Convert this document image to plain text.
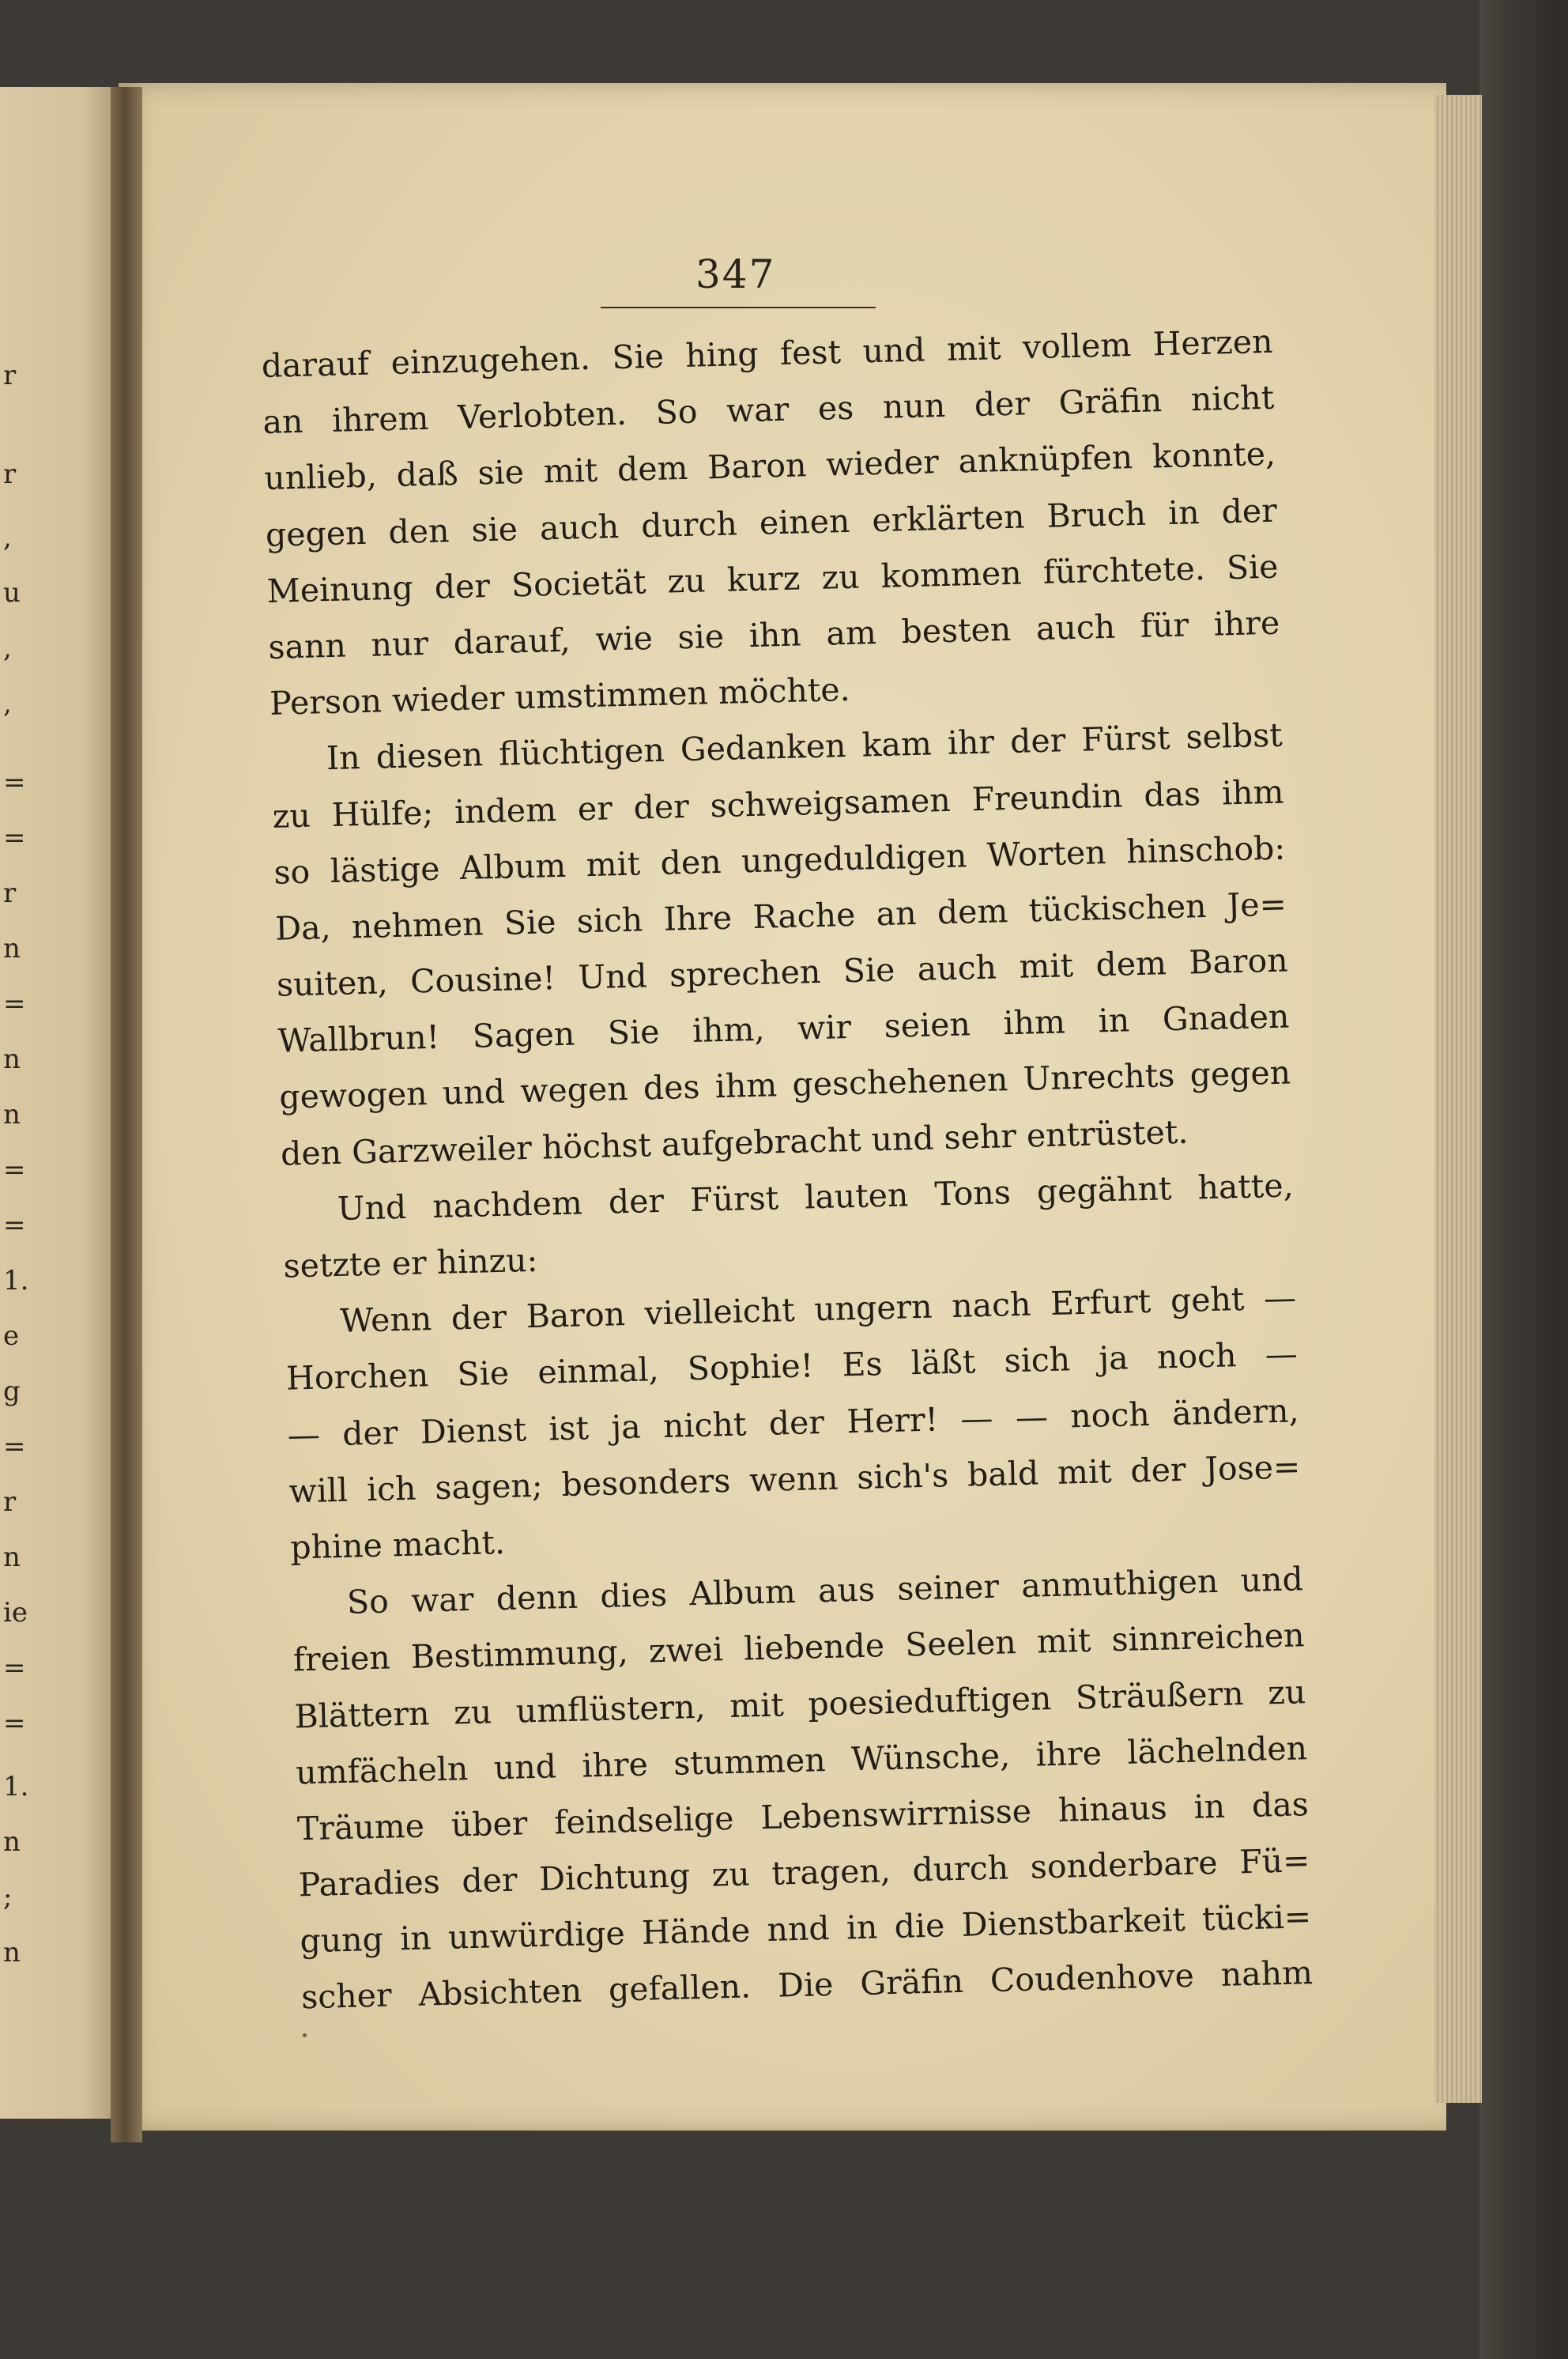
r
r
,
u
,
,
=
=
r
n
=
n
n
=
=
1.
e
g
=
r
n
ie
=
=
1.
n
;
n
347
darauf einzugehen. Sie hing fest und mit vollem Herzen
an ihrem Verlobten. So war es nun der Gräfin nicht
unlieb, daß sie mit dem Baron wieder anknüpfen konnte,
gegen den sie auch durch einen erklärten Bruch in der
Meinung der Societät zu kurz zu kommen fürchtete. Sie
sann nur darauf, wie sie ihn am besten auch für ihre
Person wieder umstimmen möchte.
In diesen flüchtigen Gedanken kam ihr der Fürst selbst
zu Hülfe; indem er der schweigsamen Freundin das ihm
so lästige Album mit den ungeduldigen Worten hinschob:
Da, nehmen Sie sich Ihre Rache an dem tückischen Je=
suiten, Cousine! Und sprechen Sie auch mit dem Baron
Wallbrun! Sagen Sie ihm, wir seien ihm in Gnaden
gewogen und wegen des ihm geschehenen Unrechts gegen
den Garzweiler höchst aufgebracht und sehr entrüstet.
Und nachdem der Fürst lauten Tons gegähnt hatte,
setzte er hinzu:
Wenn der Baron vielleicht ungern nach Erfurt geht —
Horchen Sie einmal, Sophie! Es läßt sich ja noch —
— der Dienst ist ja nicht der Herr! — — noch ändern,
will ich sagen; besonders wenn sich's bald mit der Jose=
phine macht.
So war denn dies Album aus seiner anmuthigen und
freien Bestimmung, zwei liebende Seelen mit sinnreichen
Blättern zu umflüstern, mit poesieduftigen Sträußern zu
umfächeln und ihre stummen Wünsche, ihre lächelnden
Träume über feindselige Lebenswirrnisse hinaus in das
Paradies der Dichtung zu tragen, durch sonderbare Fü=
gung in unwürdige Hände nnd in die Dienstbarkeit tücki=
scher Absichten gefallen. Die Gräfin Coudenhove nahm
